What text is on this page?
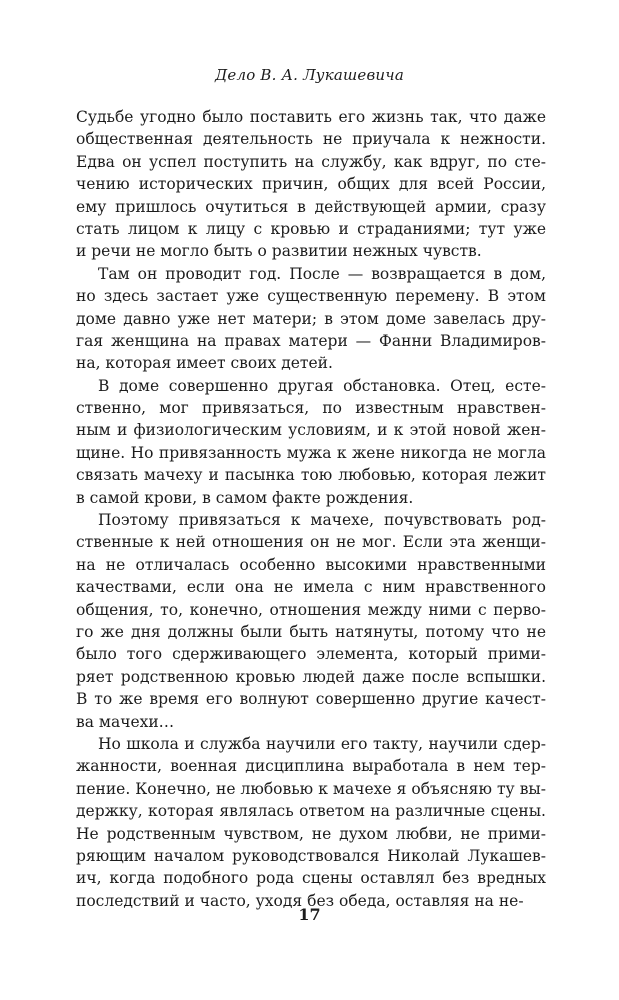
Дело В. А. Лукашевича
Судьбе угодно было поставить его жизнь так, что даже
общественная деятельность не приучала к нежности.
Едва он успел поступить на службу, как вдруг, по сте-
чению исторических причин, общих для всей России,
ему пришлось очутиться в действующей армии, сразу
стать лицом к лицу с кровью и страданиями; тут уже
и речи не могло быть о развитии нежных чувств.
Там он проводит год. После — возвращается в дом,
но здесь застает уже существенную перемену. В этом
доме давно уже нет матери; в этом доме завелась дру-
гая женщина на правах матери — Фанни Владимиров-
на, которая имеет своих детей.
В доме совершенно другая обстановка. Отец, есте-
ственно, мог привязаться, по известным нравствен-
ным и физиологическим условиям, и к этой новой жен-
щине. Но привязанность мужа к жене никогда не могла
связать мачеху и пасынка тою любовью, которая лежит
в самой крови, в самом факте рождения.
Поэтому привязаться к мачехе, почувствовать род-
ственные к ней отношения он не мог. Если эта женщи-
на не отличалась особенно высокими нравственными
качествами, если она не имела с ним нравственного
общения, то, конечно, отношения между ними с перво-
го же дня должны были быть натянуты, потому что не
было того сдерживающего элемента, который прими-
ряет родственною кровью людей даже после вспышки.
В то же время его волнуют совершенно другие качест-
ва мачехи…
Но школа и служба научили его такту, научили сдер-
жанности, военная дисциплина выработала в нем тер-
пение. Конечно, не любовью к мачехе я объясняю ту вы-
держку, которая являлась ответом на различные сцены.
Не родственным чувством, не духом любви, не прими-
ряющим началом руководствовался Николай Лукашев-
ич, когда подобного рода сцены оставлял без вредных
последствий и часто, уходя без обеда, оставляя на не-
17
